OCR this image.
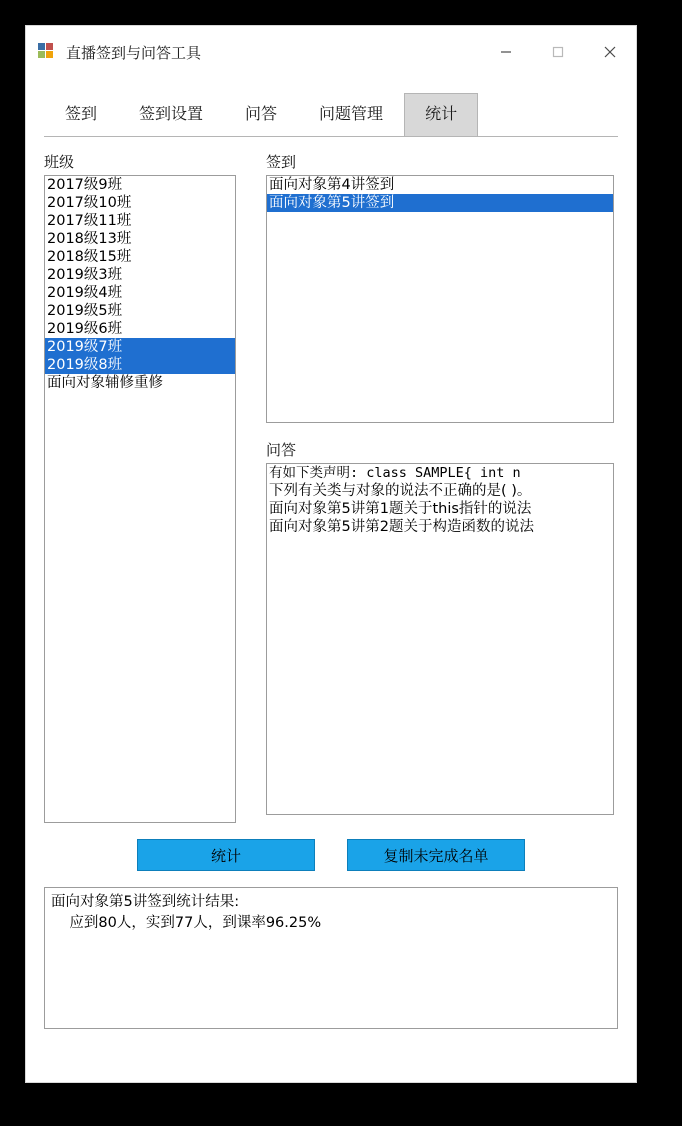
直播签到与问答工具
签到	签到设置	问答	问题管理	统计
班级
2017级9班
2017级10班
2017级11班
2018级13班
2018级15班
2019级3班
2019级4班
2019级5班
2019级6班
2019级7班
2019级8班
面向对象辅修重修
签到
面向对象第4讲签到
面向对象第5讲签到
问答
有如下类声明: class SAMPLE{ int n
下列有关类与对象的说法不正确的是( )。
面向对象第5讲第1题关于this指针的说法
面向对象第5讲第2题关于构造函数的说法
统计	复制未完成名单
面向对象第5讲签到统计结果:
应到80人，实到77人，到课率96.25%
